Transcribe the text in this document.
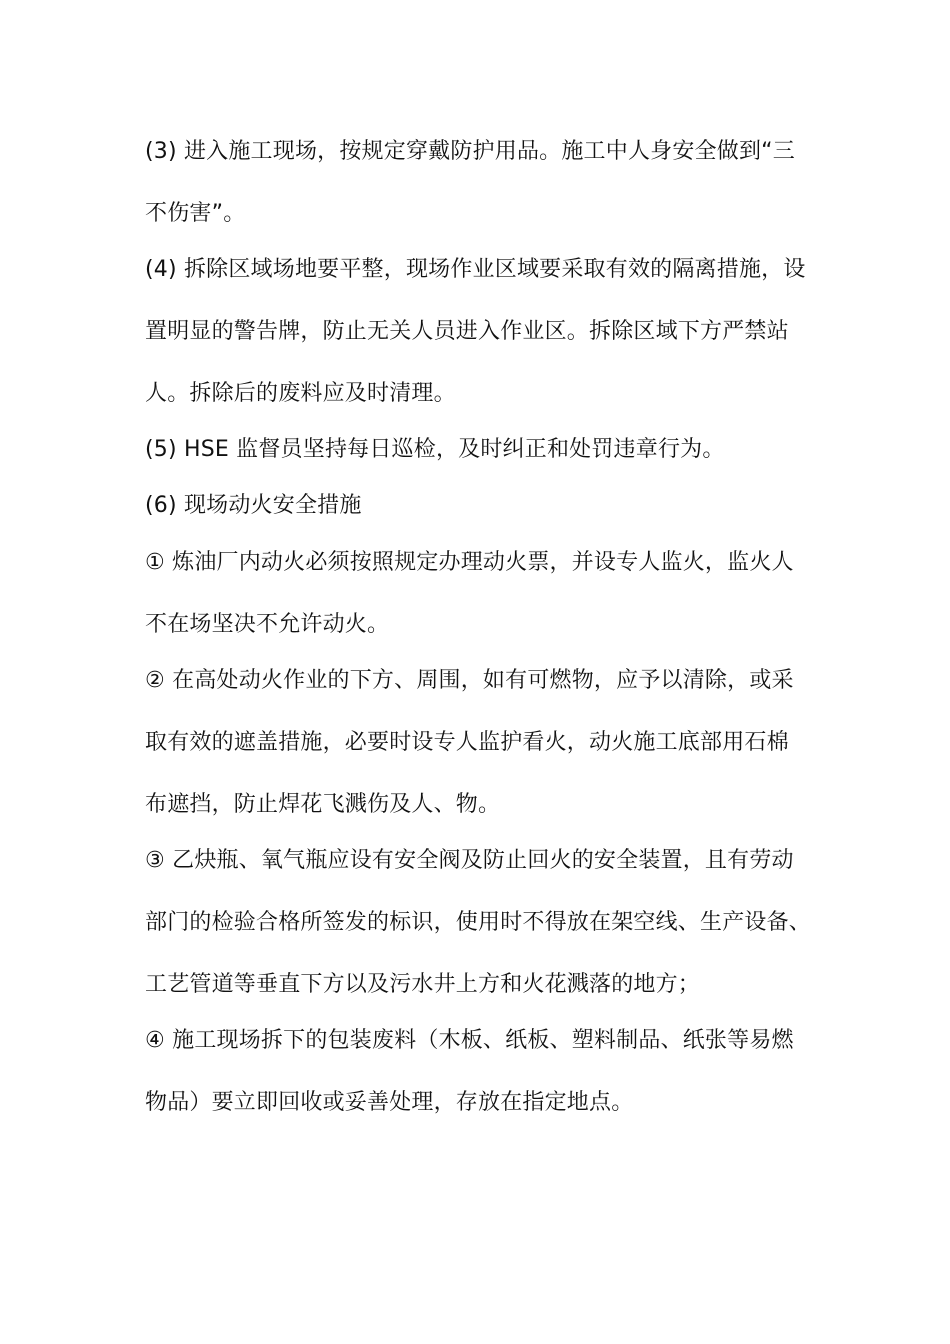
(3) 进入施工现场，按规定穿戴防护用品。施工中人身安全做到“三
不伤害”。
(4) 拆除区域场地要平整，现场作业区域要采取有效的隔离措施，设
置明显的警告牌，防止无关人员进入作业区。拆除区域下方严禁站
人。拆除后的废料应及时清理。
(5) HSE 监督员坚持每日巡检，及时纠正和处罚违章行为。
(6) 现场动火安全措施
① 炼油厂内动火必须按照规定办理动火票，并设专人监火，监火人
不在场坚决不允许动火。
② 在高处动火作业的下方、周围，如有可燃物，应予以清除，或采
取有效的遮盖措施，必要时设专人监护看火，动火施工底部用石棉
布遮挡，防止焊花飞溅伤及人、物。
③ 乙炔瓶、氧气瓶应设有安全阀及防止回火的安全装置，且有劳动
部门的检验合格所签发的标识，使用时不得放在架空线、生产设备、
工艺管道等垂直下方以及污水井上方和火花溅落的地方；
④ 施工现场拆下的包装废料（木板、纸板、塑料制品、纸张等易燃
物品）要立即回收或妥善处理，存放在指定地点。
